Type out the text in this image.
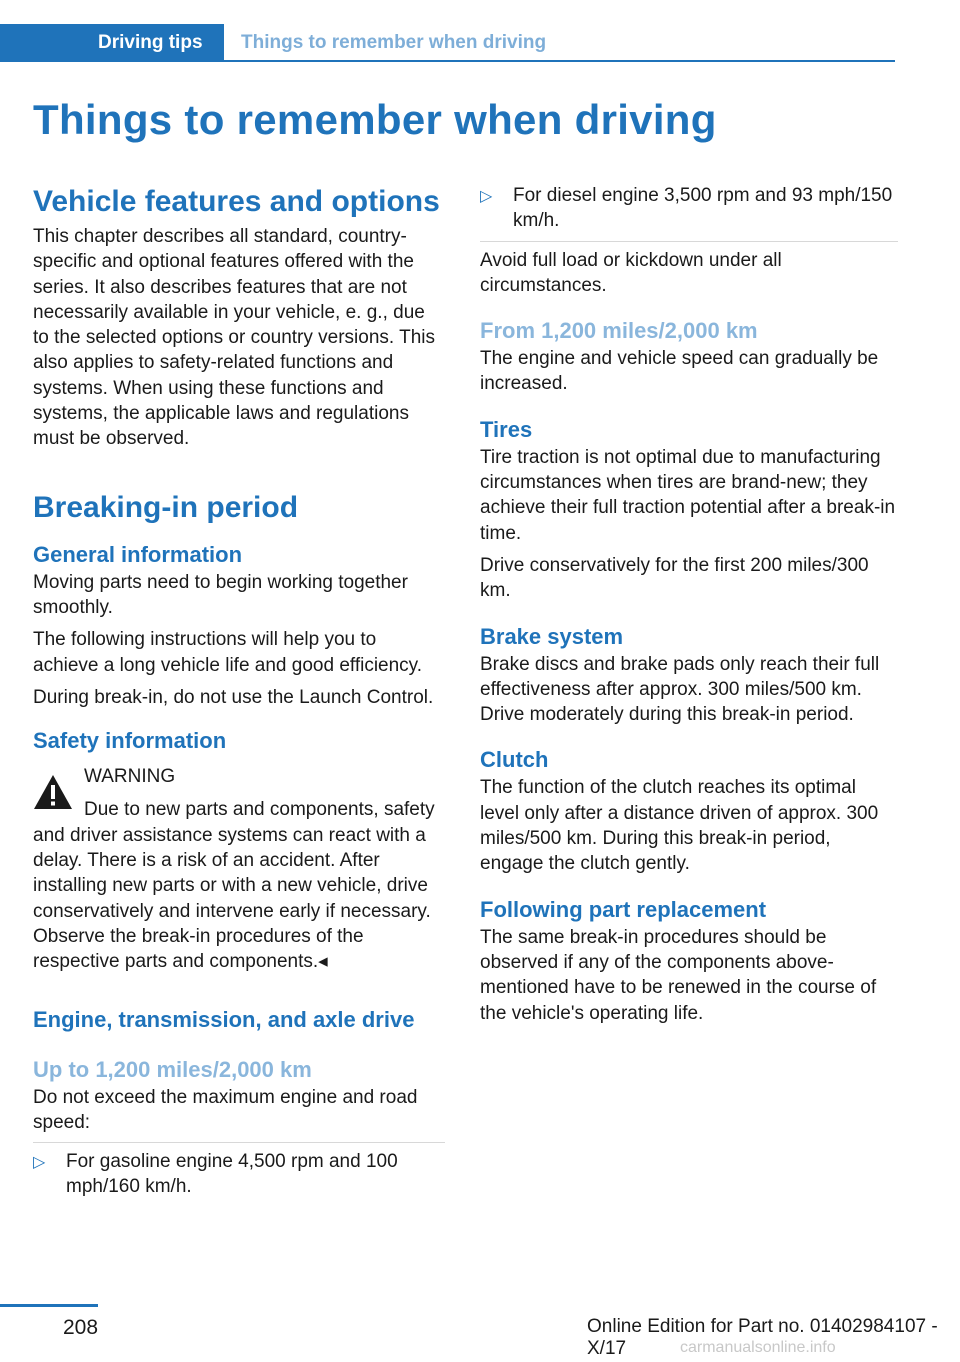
Driving tips	Things to remember when driving
Things to remember when driving
Vehicle features and options

This chapter describes all standard, country-specific and optional features offered with the series. It also describes features that are not necessarily available in your vehicle, e. g., due to the selected options or country versions. This also applies to safety-related functions and systems. When using these functions and systems, the applicable laws and regulations must be observed.

Breaking-in period
General information

Moving parts need to begin working together smoothly.

The following instructions will help you to achieve a long vehicle life and good efficiency.

During break-in, do not use the Launch Control.

Safety information
WARNING
Due to new parts and components, safety and driver assistance systems can react with a delay. There is a risk of an accident. After installing new parts or with a new vehicle, drive conservatively and intervene early if necessary. Observe the break-in procedures of the respective parts and components.◂
Engine, transmission, and axle drive
Up to 1,200 miles/2,000 km

Do not exceed the maximum engine and road speed:

▷ For gasoline engine 4,500 rpm and 100 mph/160 km/h.
▷ For diesel engine 3,500 rpm and 93 mph/150 km/h.

Avoid full load or kickdown under all circumstances.

From 1,200 miles/2,000 km

The engine and vehicle speed can gradually be increased.

Tires

Tire traction is not optimal due to manufacturing circumstances when tires are brand-new; they achieve their full traction potential after a break-in time.

Drive conservatively for the first 200 miles/300 km.

Brake system

Brake discs and brake pads only reach their full effectiveness after approx. 300 miles/500 km. Drive moderately during this break-in period.

Clutch

The function of the clutch reaches its optimal level only after a distance driven of approx. 300 miles/500 km. During this break-in period, engage the clutch gently.

Following part replacement

The same break-in procedures should be observed if any of the components above-mentioned have to be renewed in the course of the vehicle's operating life.

208	Online Edition for Part no. 01402984107 - X/17	carmanualsonline.info
